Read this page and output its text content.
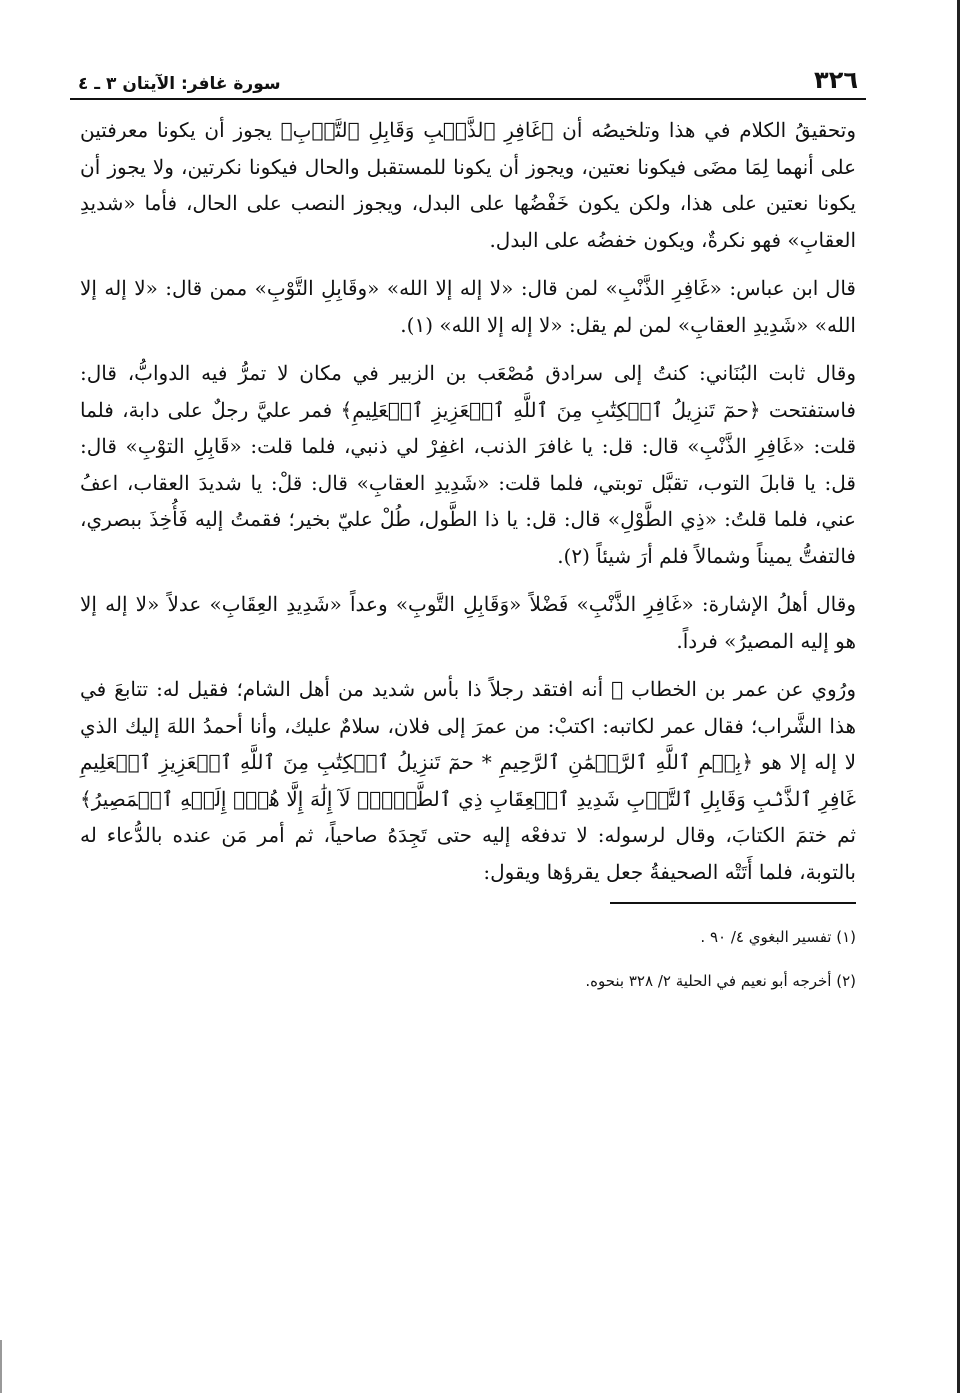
٣٢٦
سورة غافر: الآيتان ٣ ـ ٤

وتحقيقُ الكلام في هذا وتلخيصُه أن ﴿غَافِرِ ٱلذَّنۢبِ وَقَابِلِ ٱلتَّوۡبِ﴾ يجوز أن يكونا معرفتين على أنهما لِمَا مضَى فيكونا نعتين، ويجوز أن يكونا للمستقبل والحال فيكونا نكرتين، ولا يجوز أن يكونا نعتين على هذا، ولكن يكون خَفْضُها على البدل، ويجوز النصب على الحال، فأما «شديدِ العقابِ» فهو نكرةٌ، ويكون خفضُه على البدل.

قال ابن عباس: «غَافِرِ الذَّنْبِ» لمن قال: «لا إله إلا الله» «وقَابِلِ التَّوْبِ» ممن قال: «لا إله إلا الله» «شَدِيدِ العقابِ» لمن لم يقل: «لا إله إلا الله» (١).

وقال ثابت البُنَاني: كنتُ إلى سرادق مُصْعَب بن الزبير في مكان لا تمرُّ فيه الدوابُّ، قال: فاستفتحت ﴿حمٓ تَنزِيلُ ٱلۡكِتَٰبِ مِنَ ٱللَّهِ ٱلۡعَزِيزِ ٱلۡعَلِيمِ﴾ فمر عليَّ رجلٌ على دابة، فلما قلت: «غَافِرِ الذَّنْبِ» قال: قل: يا غافرَ الذنب، اغفِرْ لي ذنبي، فلما قلت: «قَابِلِ التوْبِ» قال: قل: يا قابلَ التوب، تقبَّل توبتي، فلما قلت: «شَدِيدِ العقابِ» قال: قلْ: يا شديدَ العقاب، اعفُ عني، فلما قلتُ: «ذِي الطَّوْلِ» قال: قل: يا ذا الطَّول، طُلْ عليّ بخير؛ فقمتُ إليه فَأُخِذَ ببصري، فالتفتُّ يميناً وشمالاً فلم أرَ شيئاً (٢).

وقال أهلُ الإشارة: «غَافِرِ الذَّنْبِ» فَضْلاً «وَقَابِلِ التَّوبِ» وعداً «شَدِيدِ العِقَابِ» عدلاً «لا إله إلا هو إليه المصيرُ» فرداً.

ورُوي عن عمر بن الخطاب ﷺ أنه افتقد رجلاً ذا بأس شديد من أهل الشام؛ فقيل له: تتابعَ في هذا الشَّراب؛ فقال عمر لكاتبه: اكتبْ: من عمرَ إلى فلان، سلامٌ عليك، وأنا أحمدُ اللهَ إليك الذي لا إله إلا هو ﴿بِسۡمِ ٱللَّهِ ٱلرَّحۡمَٰنِ ٱلرَّحِيمِ * حمٓ تَنزِيلُ ٱلۡكِتَٰبِ مِنَ ٱللَّهِ ٱلۡعَزِيزِ ٱلۡعَلِيمِ غَافِرِ ٱلذَّنۢبِ وَقَابِلِ ٱلتَّوۡبِ شَدِيدِ ٱلۡعِقَابِ ذِي ٱلطَّوۡلِۖ لَآ إِلَٰهَ إِلَّا هُوَۖ إِلَيۡهِ ٱلۡمَصِيرُ﴾ ثم ختمَ الكتابَ، وقال لرسوله: لا تدفعْه إليه حتى تَجِدَهُ صاحياً، ثم أمر مَن عنده بالدُّعاء له بالتوبة، فلما أَتَتْه الصحيفةُ جعل يقرؤها ويقول:

(١) تفسير البغوي ٤/ ٩٠ .

(٢) أخرجه أبو نعيم في الحلية ٢/ ٣٢٨ بنحوه.
